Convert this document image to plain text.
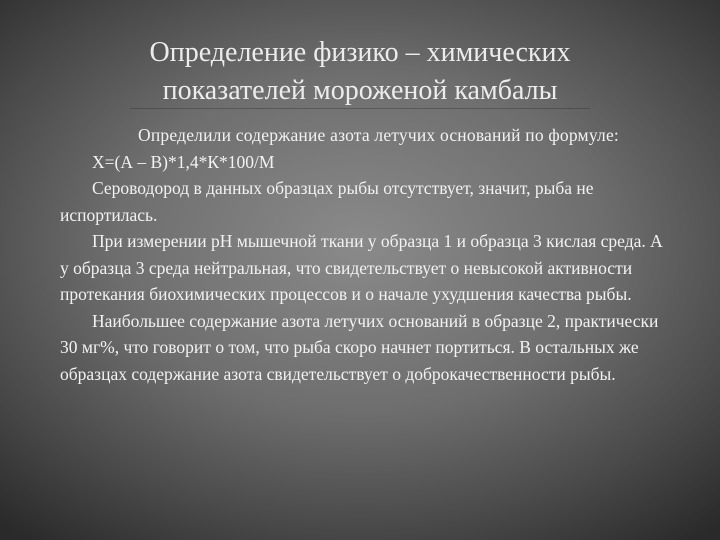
Определение физико – химических
показателей мороженой камбалы

Определили содержание азота летучих оснований по формуле:

Х=(А – В)*1,4*К*100/М

Сероводород в данных образцах рыбы отсутствует, значит, рыба не испортилась.

При измерении рН мышечной ткани у образца 1 и образца 3 кислая среда. А у образца 3 среда нейтральная, что свидетельствует о невысокой активности протекания биохимических процессов и о начале ухудшения качества рыбы.

Наибольшее содержание азота летучих оснований в образце 2, практически 30 мг%, что говорит о том, что рыба скоро начнет портиться. В остальных же образцах содержание азота свидетельствует о доброкачественности рыбы.
